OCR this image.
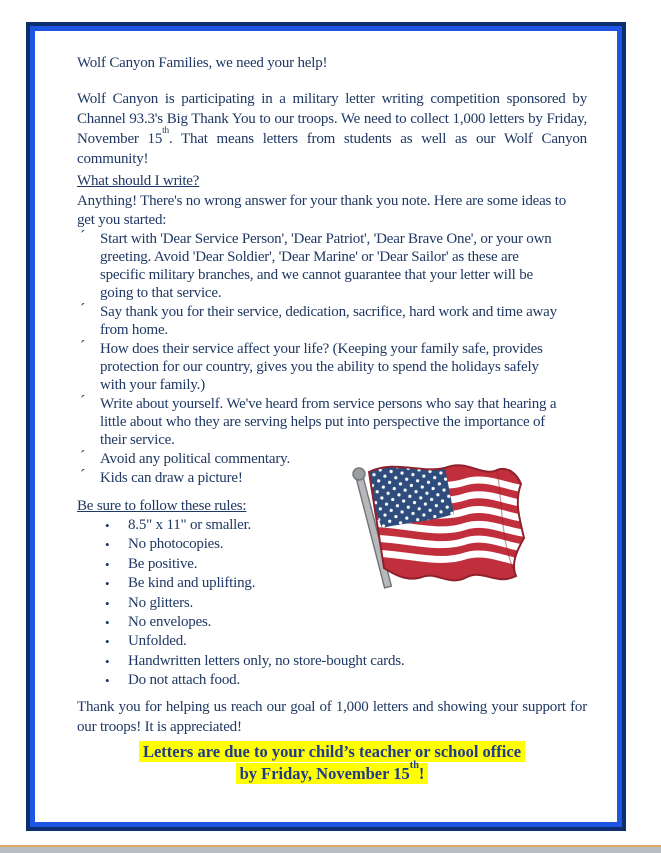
Wolf Canyon Families, we need your help!

Wolf Canyon is participating in a military letter writing competition sponsored by Channel 93.3's Big Thank You to our troops. We need to collect 1,000 letters by Friday, November 15th. That means letters from students as well as our Wolf Canyon community!

What should I write?

Anything! There's no wrong answer for your thank you note. Here are some ideas to get you started:

´ Start with 'Dear Service Person', 'Dear Patriot', 'Dear Brave One', or your own greeting. Avoid 'Dear Soldier', 'Dear Marine' or 'Dear Sailor' as these are specific military branches, and we cannot guarantee that your letter will be going to that service.
´ Say thank you for their service, dedication, sacrifice, hard work and time away from home.
´ How does their service affect your life? (Keeping your family safe, provides protection for our country, gives you the ability to spend the holidays safely with your family.)
´ Write about yourself. We've heard from service persons who say that hearing a little about who they are serving helps put into perspective the importance of their service.
´ Avoid any political commentary.
´ Kids can draw a picture!
Be sure to follow these rules:
• 8.5" x 11" or smaller.
• No photocopies.
• Be positive.
• Be kind and uplifting.
• No glitters.
• No envelopes.
• Unfolded.
• Handwritten letters only, no store-bought cards.
• Do not attach food.

Thank you for helping us reach our goal of 1,000 letters and showing your support for our troops! It is appreciated!

Letters are due to your child’s teacher or school office
by Friday, November 15th!
